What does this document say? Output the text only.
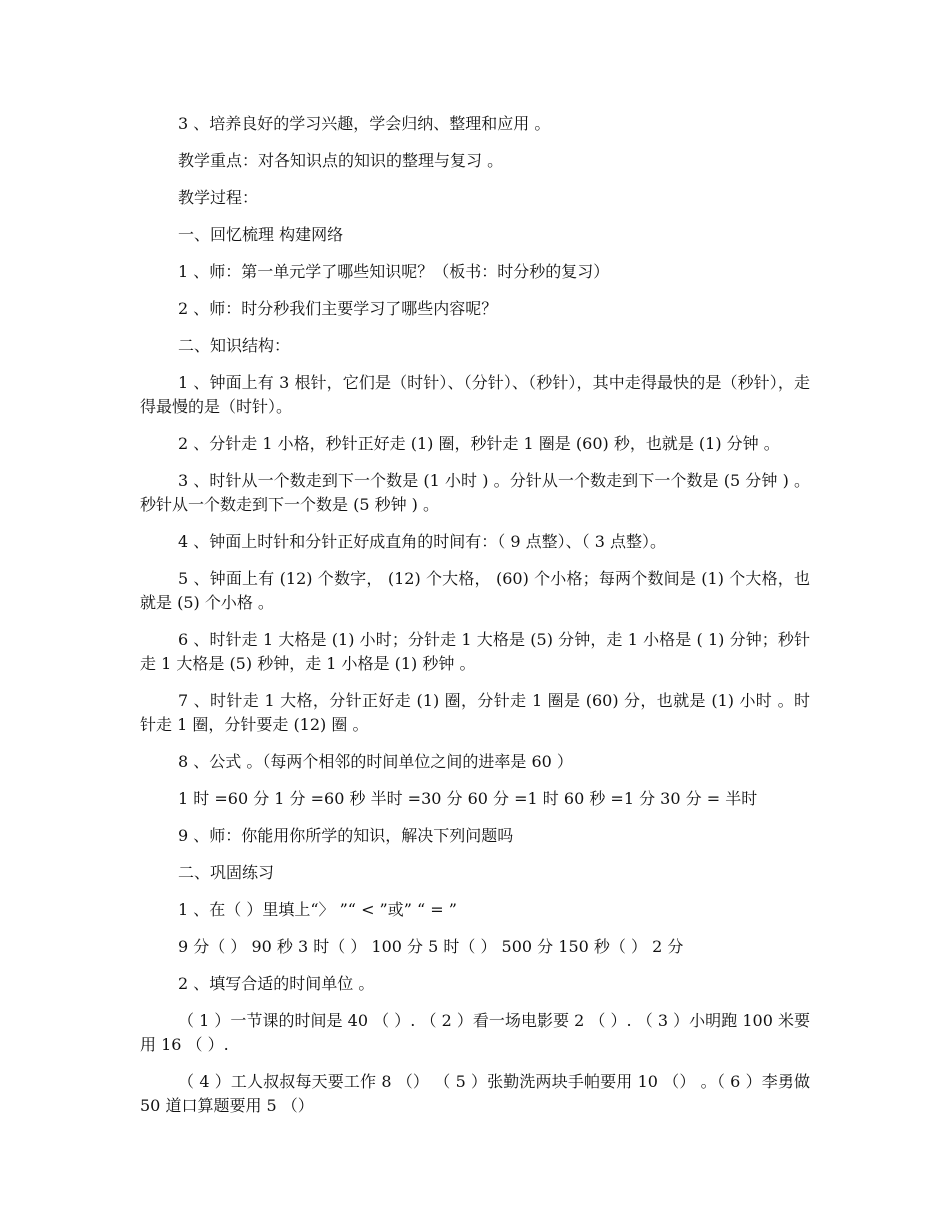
3 、培养良好的学习兴趣，学会归纳、整理和应用 。

教学重点：对各知识点的知识的整理与复习 。

教学过程：

一、回忆梳理 构建网络

1 、师：第一单元学了哪些知识呢？（板书：时分秒的复习）

2 、师：时分秒我们主要学习了哪些内容呢？

二、知识结构：

1 、钟面上有 3 根针，它们是（时针）、（分针）、（秒针），其中走得最快的是（秒针），走得最慢的是（时针）。

2 、分针走 1 小格，秒针正好走 (1) 圈，秒针走 1 圈是 (60) 秒，也就是 (1) 分钟 。

3 、时针从一个数走到下一个数是 (1 小时 ) 。分针从一个数走到下一个数是 (5 分钟 ) 。秒针从一个数走到下一个数是 (5 秒钟 ) 。

4 、钟面上时针和分针正好成直角的时间有：（ 9 点整）、（ 3 点整）。

5 、钟面上有 (12) 个数字， (12) 个大格， (60) 个小格；每两个数间是 (1) 个大格，也就是 (5) 个小格 。

6 、时针走 1 大格是 (1) 小时；分针走 1 大格是 (5) 分钟，走 1 小格是 ( 1) 分钟；秒针走 1 大格是 (5) 秒钟，走 1 小格是 (1) 秒钟 。

7 、时针走 1 大格，分针正好走 (1) 圈，分针走 1 圈是 (60) 分，也就是 (1) 小时 。时针走 1 圈，分针要走 (12) 圈 。

8 、公式 。（每两个相邻的时间单位之间的进率是 60 ）

1 时 =60 分 1 分 =60 秒 半时 =30 分 60 分 =1 时 60 秒 =1 分 30 分 = 半时

9 、师：你能用你所学的知识，解决下列问题吗

二、巩固练习

1 、在（ ）里填上“〉 ”“ < ”或” “ = ”

9 分（ ） 90 秒 3 时（ ） 100 分 5 时（ ） 500 分 150 秒（ ） 2 分

2 、填写合适的时间单位 。

（ 1 ）一节课的时间是 40 （ ）. （ 2 ）看一场电影要 2 （ ）. （ 3 ）小明跑 100 米要用 16 （ ）.

（ 4 ）工人叔叔每天要工作 8 （） （ 5 ）张勤洗两块手帕要用 10 （） 。（ 6 ）李勇做 50 道口算题要用 5 （）
